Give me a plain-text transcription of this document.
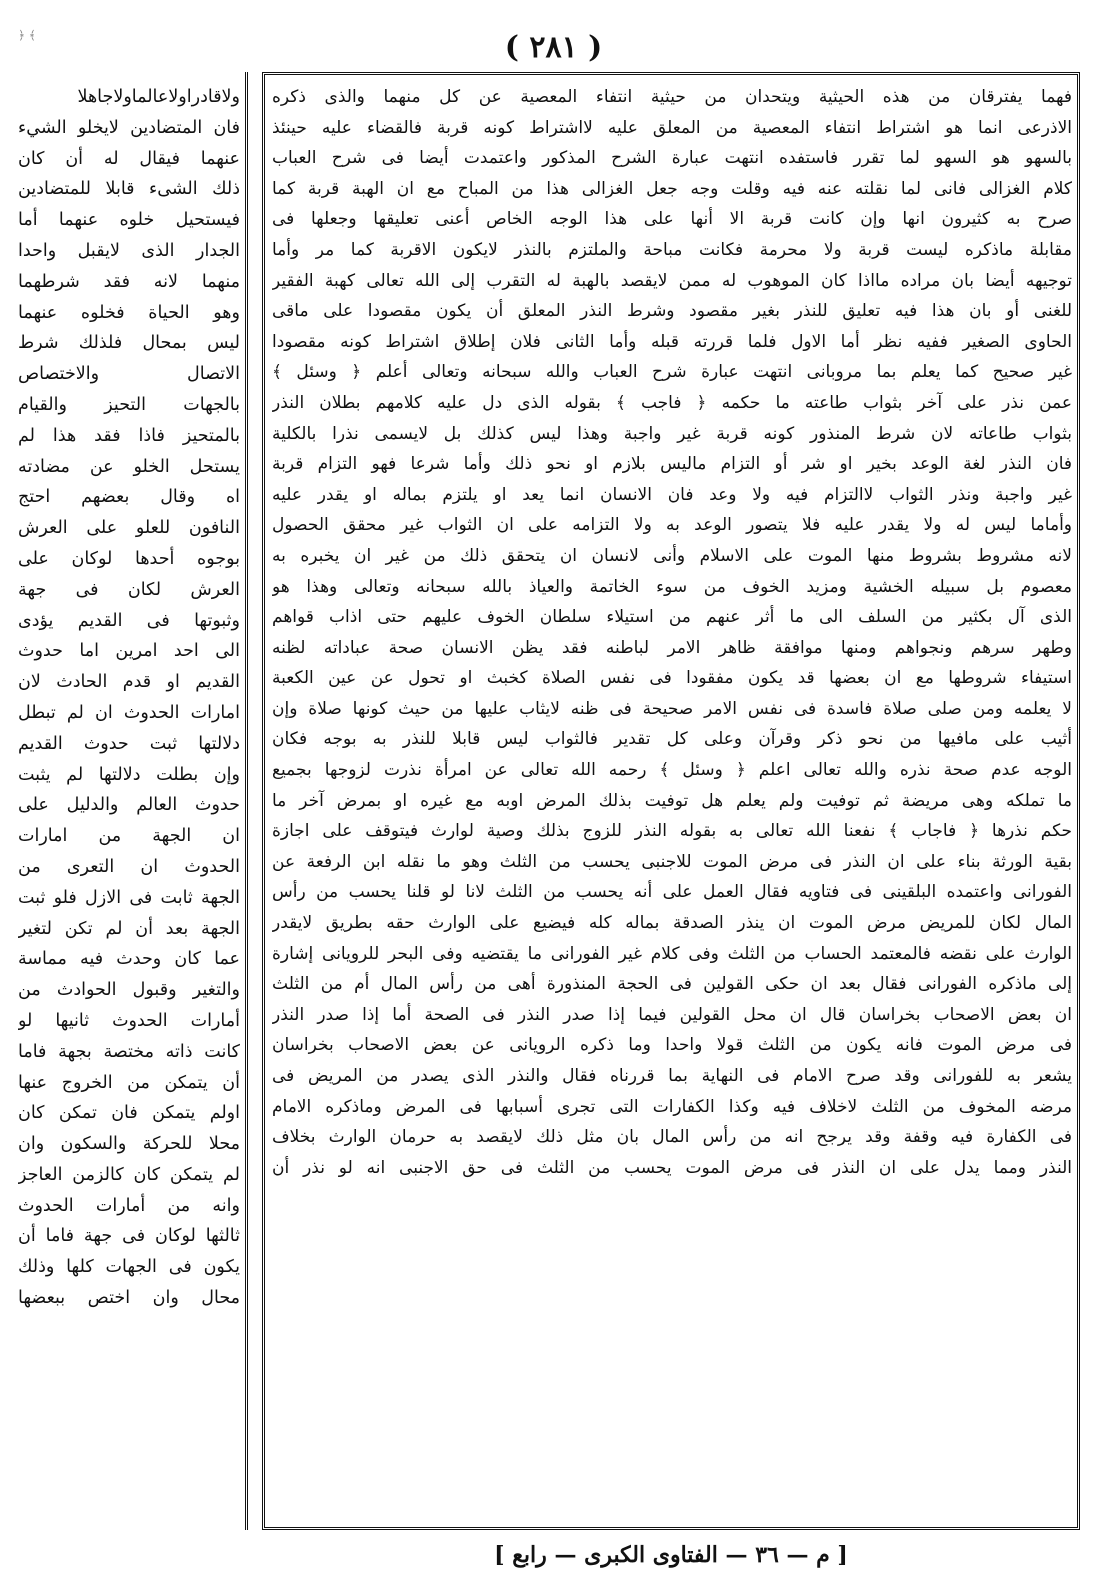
﴿ ﴾	( ٢٨١ )
فهما يفترقان من هذه الحيثية ويتحدان من حيثية انتفاء المعصية عن كل منهما والذى ذكره
الاذرعى انما هو اشتراط انتفاء المعصية من المعلق عليه لااشتراط كونه قربة فالقضاء عليه حينئذ
بالسهو هو السهو لما تقرر فاستفده انتهت عبارة الشرح المذكور واعتمدت أيضا فى شرح العباب
كلام الغزالى فانى لما نقلته عنه فيه وقلت وجه جعل الغزالى هذا من المباح مع ان الهبة قربة كما
صرح به كثيرون انها وإن كانت قربة الا أنها على هذا الوجه الخاص أعنى تعليقها وجعلها فى
مقابلة ماذكره ليست قربة ولا محرمة فكانت مباحة والملتزم بالنذر لايكون الاقربة كما مر وأما
توجيهه أيضا بان مراده مااذا كان الموهوب له ممن لايقصد بالهبة له التقرب إلى الله تعالى كهبة الفقير
للغنى أو بان هذا فيه تعليق للنذر بغير مقصود وشرط النذر المعلق أن يكون مقصودا على ماقى
الحاوى الصغير ففيه نظر أما الاول فلما قررته قبله وأما الثانى فلان إطلاق اشتراط كونه مقصودا
غير صحيح كما يعلم بما مروبانى انتهت عبارة شرح العباب والله سبحانه وتعالى أعلم ﴿ وسئل ﴾
عمن نذر على آخر بثواب طاعته ما حكمه ﴿ فاجب ﴾ بقوله الذى دل عليه كلامهم بطلان النذر
بثواب طاعاته لان شرط المنذور كونه قربة غير واجبة وهذا ليس كذلك بل لايسمى نذرا بالكلية
فان النذر لغة الوعد بخير او شر أو التزام ماليس بلازم او نحو ذلك وأما شرعا فهو التزام قربة
غير واجبة ونذر الثواب لاالتزام فيه ولا وعد فان الانسان انما يعد او يلتزم بماله او يقدر عليه
وأماما ليس له ولا يقدر عليه فلا يتصور الوعد به ولا التزامه على ان الثواب غير محقق الحصول
لانه مشروط بشروط منها الموت على الاسلام وأنى لانسان ان يتحقق ذلك من غير ان يخبره به
معصوم بل سبيله الخشية ومزيد الخوف من سوء الخاتمة والعياذ بالله سبحانه وتعالى وهذا هو
الذى آل بكثير من السلف الى ما أثر عنهم من استيلاء سلطان الخوف عليهم حتى اذاب قواهم
وطهر سرهم ونجواهم ومنها موافقة ظاهر الامر لباطنه فقد يظن الانسان صحة عباداته لظنه
استيفاء شروطها مع ان بعضها قد يكون مفقودا فى نفس الصلاة كخبث او تحول عن عين الكعبة
لا يعلمه ومن صلى صلاة فاسدة فى نفس الامر صحيحة فى ظنه لايثاب عليها من حيث كونها صلاة وإن
أثيب على مافيها من نحو ذكر وقرآن وعلى كل تقدير فالثواب ليس قابلا للنذر به بوجه فكان
الوجه عدم صحة نذره والله تعالى اعلم ﴿ وسئل ﴾ رحمه الله تعالى عن امرأة نذرت لزوجها بجميع
ما تملكه وهى مريضة ثم توفيت ولم يعلم هل توفيت بذلك المرض اوبه مع غيره او بمرض آخر ما
حكم نذرها ﴿ فاجاب ﴾ نفعنا الله تعالى به بقوله النذر للزوج بذلك وصية لوارث فيتوقف على اجازة
بقية الورثة بناء على ان النذر فى مرض الموت للاجنبى يحسب من الثلث وهو ما نقله ابن الرفعة عن
الفورانى واعتمده البلقينى فى فتاويه فقال العمل على أنه يحسب من الثلث لانا لو قلنا يحسب من رأس
المال لكان للمريض مرض الموت ان ينذر الصدقة بماله كله فيضيع على الوارث حقه بطريق لايقدر
الوارث على نقضه فالمعتمد الحساب من الثلث وفى كلام غير الفورانى ما يقتضيه وفى البحر للرويانى إشارة
إلى ماذكره الفورانى فقال بعد ان حكى القولين فى الحجة المنذورة أهى من رأس المال أم من الثلث
ان بعض الاصحاب بخراسان قال ان محل القولين فيما إذا صدر النذر فى الصحة أما إذا صدر النذر
فى مرض الموت فانه يكون من الثلث قولا واحدا وما ذكره الرويانى عن بعض الاصحاب بخراسان
يشعر به للفورانى وقد صرح الامام فى النهاية بما قررناه فقال والنذر الذى يصدر من المريض فى
مرضه المخوف من الثلث لاخلاف فيه وكذا الكفارات التى تجرى أسبابها فى المرض وماذكره الامام
فى الكفارة فيه وقفة وقد يرجح انه من رأس المال بان مثل ذلك لايقصد به حرمان الوارث بخلاف
النذر ومما يدل على ان النذر فى مرض الموت يحسب من الثلث فى حق الاجنبى انه لو نذر أن
ولاقادراولاعالماولاجاهلا
فان المتضادين لايخلو الشيء
عنهما فيقال له أن كان
ذلك الشىء قابلا للمتضادين
فيستحيل خلوه عنهما أما
الجدار الذى لايقبل واحدا
منهما لانه فقد شرطهما
وهو الحياة فخلوه عنهما
ليس بمحال فلذلك شرط
الاتصال والاختصاص
بالجهات التحيز والقيام
بالمتحيز فاذا فقد هذا لم
يستحل الخلو عن مضادته
اه وقال بعضهم احتج
النافون للعلو على العرش
بوجوه أحدها لوكان على
العرش لكان فى جهة
وثبوتها فى القديم يؤدى
الى احد امرين اما حدوث
القديم او قدم الحادث لان
امارات الحدوث ان لم تبطل
دلالتها ثبت حدوث القديم
وإن بطلت دلالتها لم يثبت
حدوث العالم والدليل على
ان الجهة من امارات
الحدوث ان التعرى من
الجهة ثابت فى الازل فلو ثبت
الجهة بعد أن لم تكن لتغير
عما كان وحدث فيه مماسة
والتغير وقبول الحوادث من
أمارات الحدوث ثانيها لو
كانت ذاته مختصة بجهة فاما
أن يتمكن من الخروج عنها
اولم يتمكن فان تمكن كان
محلا للحركة والسكون وان
لم يتمكن كان كالزمن العاجز
وانه من أمارات الحدوث
ثالثها لوكان فى جهة فاما أن
يكون فى الجهات كلها وذلك
محال وان اختص ببعضها
[ م — ٣٦ — الفتاوى الكبرى — رابع ]
